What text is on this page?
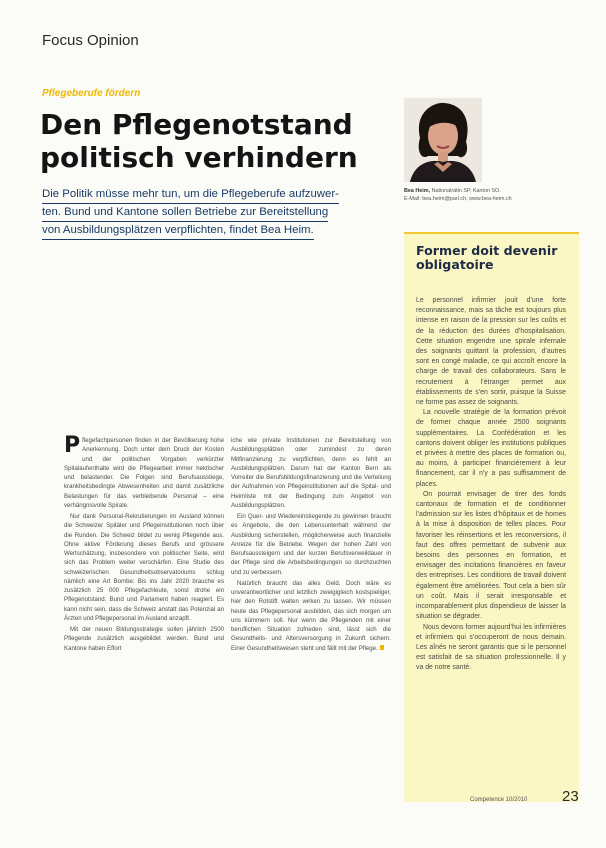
Focus Opinion
Pflegeberufe fördern
Den Pflegenotstand politisch verhindern
Die Politik müsse mehr tun, um die Pflegeberufe aufzuwer-
ten. Bund und Kantone sollen Betriebe zur Bereitstellung
von Ausbildungsplätzen verpflichten, findet Bea Heim.

Pflegefachpersonen finden in der Bevölkerung hohe Anerkennung. Doch unter dem Druck der Kosten und der politischen Vorgaben verkürzter Spitalaufenthalte wird die Pflegearbeit immer hektischer und belastender. Die Folgen sind Berufsausstiege, krankheitsbedingte Abwesenheiten und damit zusätzliche Belastungen für das verbleibende Personal – eine verhängnisvolle Spirale.

Nur dank Personal-Rekrutierungen im Ausland können die Schweizer Spitäler und Pflegeinstitutionen noch über die Runden. Die Schweiz bildet zu wenig Pflegende aus. Ohne aktive Förderung dieses Berufs und grössere Wertschätzung, insbesondere von politischer Seite, wird sich das Problem weiter verschärfen. Eine Studie des schweizerischen Gesundheitsobservatoriums schlug nämlich eine Art Bombe: Bis ins Jahr 2020 brauche es zusätzlich 25 000 Pflegefachleute, sonst drohe ein Pflegenotstand. Bund und Parlament haben reagiert. Es kann nicht sein, dass die Schweiz anstatt das Potenzial an Ärzten und Pflegepersonal im Ausland anzapft.

Mit der neuen Bildungsstrategie sollen jährlich 2500 Pflegende zusätzlich ausgebildet werden. Bund und Kantone haben Effort

iche wie private Institutionen zur Bereitstellung von Ausbildungsplätzen oder zumindest zu deren Mitfinanzierung zu verpflichten, denn es fehlt an Ausbildungsplätzen. Darum hat der Kanton Bern als Vorreiter die Berufsbildungsfinanzierung und die Verteilung der Aufnahmen von Pflegeinstitutionen auf die Spital- und Heimliste mit der Bedingung zum Angebot von Ausbildungsplätzen.

Ein Quer- und Wiedereinstiegende zu gewinnen braucht es Angebote, die den Lebensunterhalt während der Ausbildung sicherstellen, möglicherweise auch finanzielle Anreize für die Betriebe. Wegen der hohen Zahl von Berufsaussteigern und der kurzen Berufsverweildauer in der Pflege sind die Arbeitsbedingungen so durchzuchten und zu verbessern.

Natürlich braucht das alles Geld. Doch wäre es unverantwortlicher und letztlich zweigigleich kostspieliger, hier den Rotstift walten wirken zu lassen. Wir müssen heute das Pflegepersonal ausbilden, das sich morgen um uns kümmern soll. Nur wenn die Pflegenden mit einer beruflichen Situation zufrieden sind, lässt sich die Gesundheits- und Altersversorgung in Zukunft sichern. Einer Gesundheitswesen steht und fällt mit der Pflege.

Bea Heim, Nationalrätin SP, Kanton SO.
E-Mail: bea.heim@parl.ch, www.bea-heim.ch
Former doit devenir obligatoire

Le personnel infirmier jouit d’une forte reconnaissance, mais sa tâche est toujours plus intense en raison de la pression sur les coûts et de la réduction des durées d’hospitalisation. Cette situation engendre une spirale infernale des soignants quittant la profession, d’autres sont en congé maladie, ce qui accroît encore la charge de travail des collaborateurs. Sans le recrutement à l’étranger permet aux établissements de s’en sortir, puisque la Suisse ne forme pas assez de soignants.

La nouvelle stratégie de la formation prévoit de former chaque année 2500 soignants supplémentaires. La Confédération et les cantons doivent obliger les institutions publiques et privées à mettre des places de formation ou, au moins, à participer financièrement à leur financement, car il n’y a pas suffisamment de places.

On pourrait envisager de tirer des fonds cantonaux de formation et de conditionner l’admission sur les listes d’hôpitaux et de homes à la mise à disposition de telles places. Pour favoriser les réinsertions et les reconversions, il faut des offres permettant de subvenir aux besoins des personnes en formation, et envisager des incitations financières en faveur des entreprises. Les conditions de travail doivent également être améliorées. Tout cela a bien sûr un coût. Mais il serait irresponsable et incomparablement plus dispendieux de laisser la situation se dégrader.

Nous devons former aujourd’hui les infirmières et infirmiers qui s’occuperont de nous demain. Les aînés ne seront garantis que si le personnel est satisfait de sa situation professionnelle. Il y va de notre santé.

Competence 10/2010 23
